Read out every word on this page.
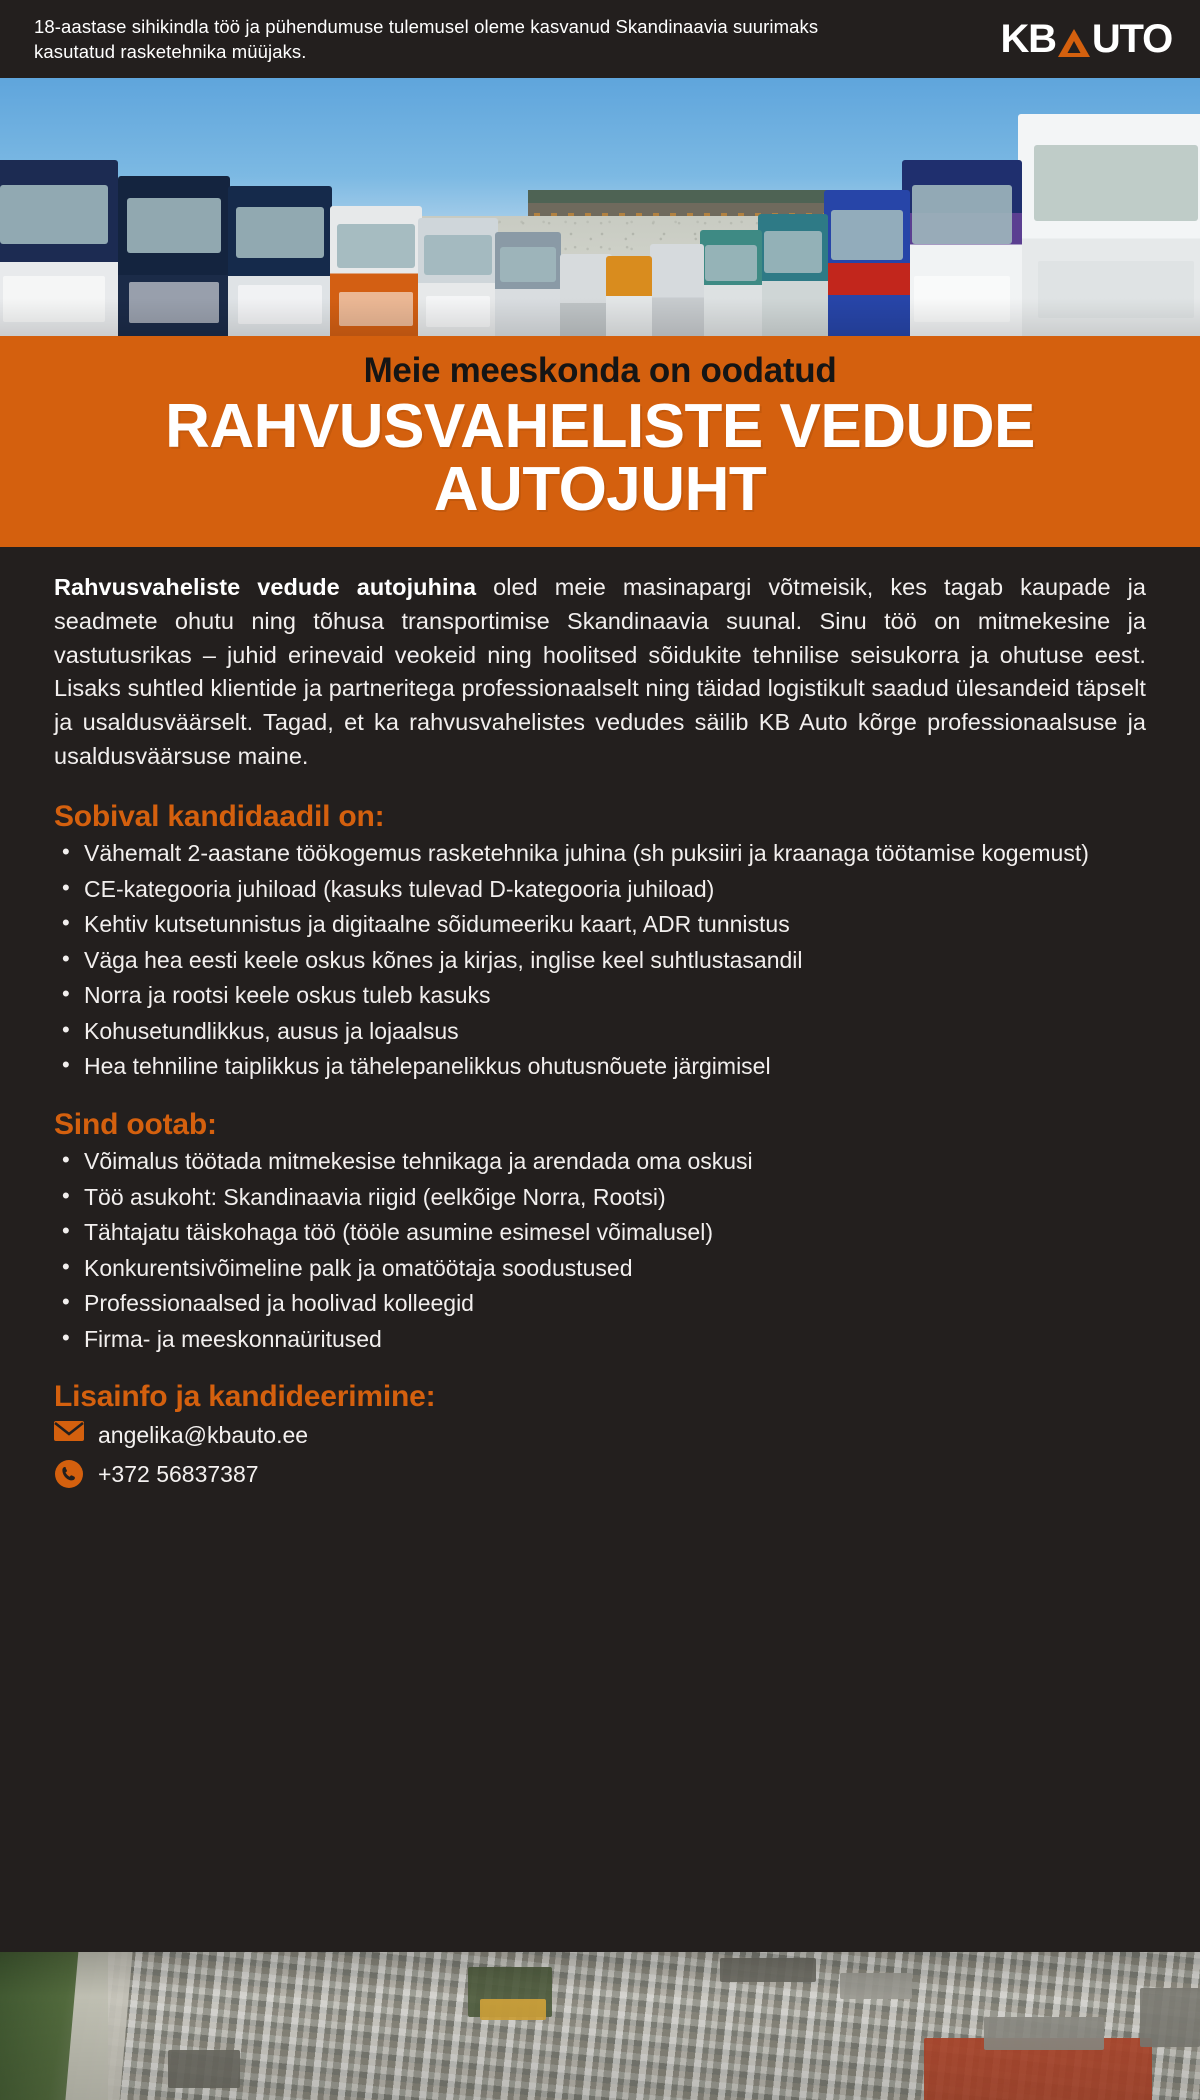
18-aastase sihikindla töö ja pühendumuse tulemusel oleme kasvanud Skandinaavia suurimaks kasutatud rasketehnika müüjaks.	KB UTO
Meie meeskonda on oodatud
RAHVUSVAHELISTE VEDUDE AUTOJUHT

Rahvusvaheliste vedude autojuhina oled meie masinapargi võtmeisik, kes tagab kaupade ja seadmete ohutu ning tõhusa transportimise Skandinaavia suunal. Sinu töö on mitmekesine ja vastutusrikas – juhid erinevaid veokeid ning hoolitsed sõidukite tehnilise seisukorra ja ohutuse eest. Lisaks suhtled klientide ja partneritega professionaalselt ning täidad logistikult saadud ülesandeid täpselt ja usaldusväärselt. Tagad, et ka rahvusvahelistes vedudes säilib KB Auto kõrge professionaalsuse ja usaldusväärsuse maine.

Sobival kandidaadil on:
• Vähemalt 2-aastane töökogemus rasketehnika juhina (sh puksiiri ja kraanaga töötamise kogemust)
• CE-kategooria juhiload (kasuks tulevad D-kategooria juhiload)
• Kehtiv kutsetunnistus ja digitaalne sõidumeeriku kaart, ADR tunnistus
• Väga hea eesti keele oskus kõnes ja kirjas, inglise keel suhtlustasandil
• Norra ja rootsi keele oskus tuleb kasuks
• Kohusetundlikkus, ausus ja lojaalsus
• Hea tehniline taiplikkus ja tähelepanelikkus ohutusnõuete järgimisel
Sind ootab:
• Võimalus töötada mitmekesise tehnikaga ja arendada oma oskusi
• Töö asukoht: Skandinaavia riigid (eelkõige Norra, Rootsi)
• Tähtajatu täiskohaga töö (tööle asumine esimesel võimalusel)
• Konkurentsivõimeline palk ja omatöötaja soodustused
• Professionaalsed ja hoolivad kolleegid
• Firma- ja meeskonnaüritused
Lisainfo ja kandideerimine:
angelika@kbauto.ee
+372 56837387
